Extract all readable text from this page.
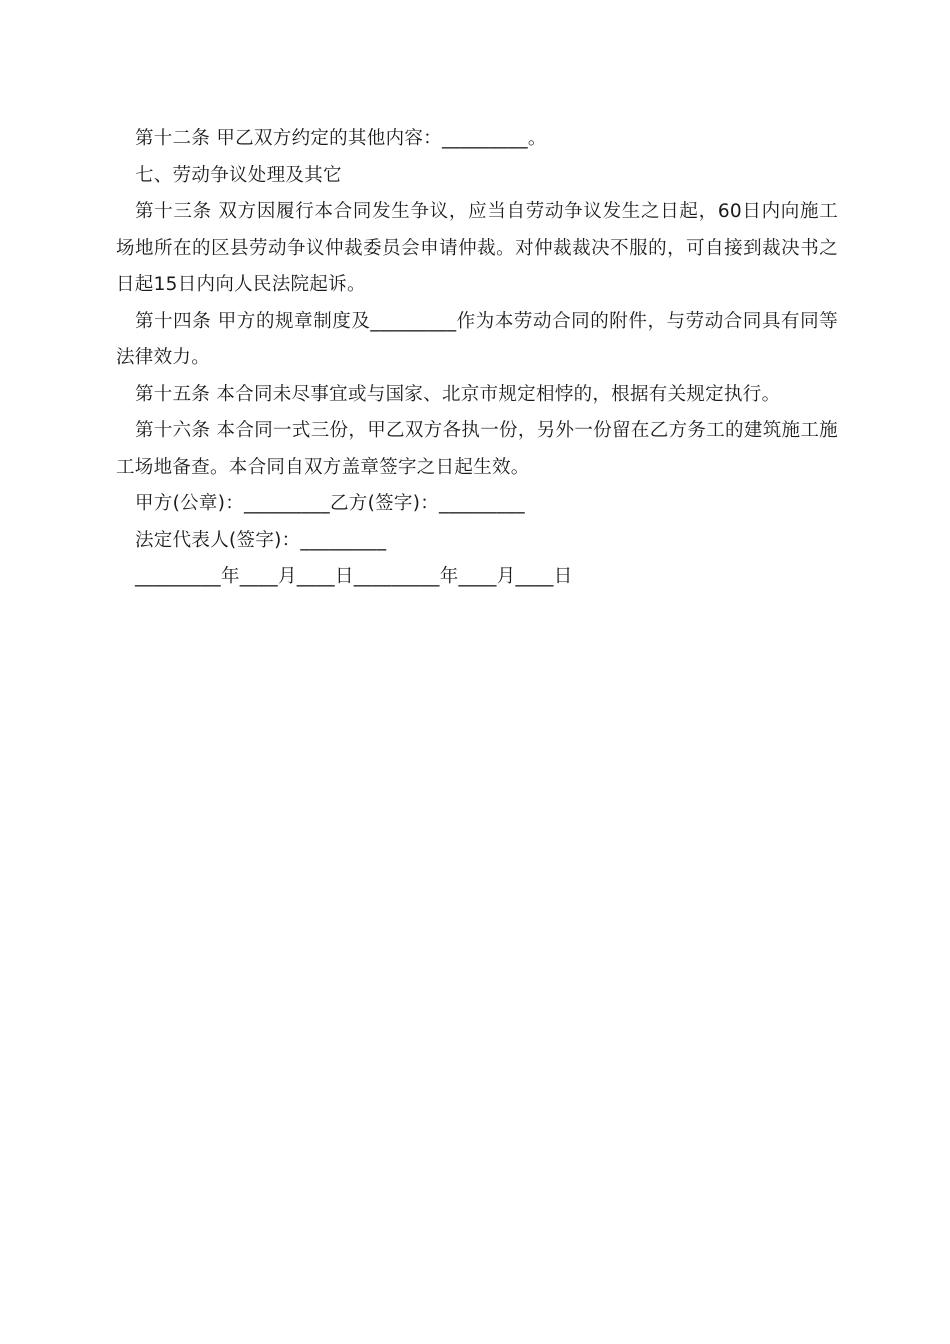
第十二条 甲乙双方约定的其他内容：_________。

七、劳动争议处理及其它

第十三条 双方因履行本合同发生争议，应当自劳动争议发生之日起，60日内向施工场地所在的区县劳动争议仲裁委员会申请仲裁。对仲裁裁决不服的，可自接到裁决书之日起15日内向人民法院起诉。

第十四条 甲方的规章制度及_________作为本劳动合同的附件，与劳动合同具有同等法律效力。

第十五条 本合同未尽事宜或与国家、北京市规定相悖的，根据有关规定执行。

第十六条 本合同一式三份，甲乙双方各执一份，另外一份留在乙方务工的建筑施工施工场地备查。本合同自双方盖章签字之日起生效。

甲方(公章)：_________乙方(签字)：_________

法定代表人(签字)：_________

_________年____月____日_________年____月____日
